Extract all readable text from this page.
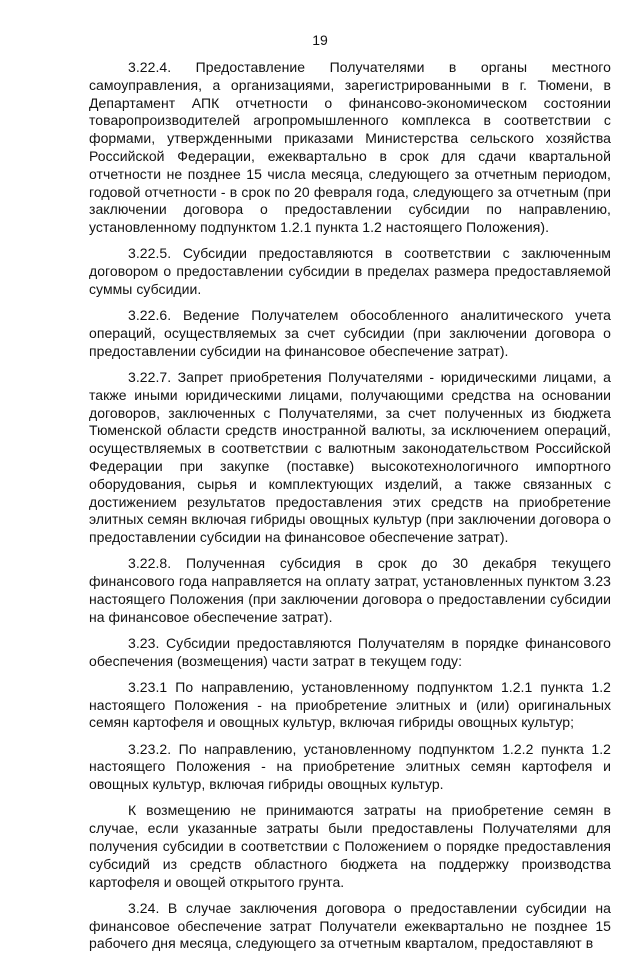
19

3.22.4. Предоставление Получателями в органы местного самоуправления, а организациями, зарегистрированными в г. Тюмени, в Департамент АПК отчетности о финансово-экономическом состоянии товаропроизводителей агропромышленного комплекса в соответствии с формами, утвержденными приказами Министерства сельского хозяйства Российской Федерации, ежеквартально в срок для сдачи квартальной отчетности не позднее 15 числа месяца, следующего за отчетным периодом, годовой отчетности - в срок по 20 февраля года, следующего за отчетным (при заключении договора о предоставлении субсидии по направлению, установленному подпунктом 1.2.1 пункта 1.2 настоящего Положения).

3.22.5. Субсидии предоставляются в соответствии с заключенным договором о предоставлении субсидии в пределах размера предоставляемой суммы субсидии.

3.22.6. Ведение Получателем обособленного аналитического учета операций, осуществляемых за счет субсидии (при заключении договора о предоставлении субсидии на финансовое обеспечение затрат).

3.22.7. Запрет приобретения Получателями - юридическими лицами, а также иными юридическими лицами, получающими средства на основании договоров, заключенных с Получателями, за счет полученных из бюджета Тюменской области средств иностранной валюты, за исключением операций, осуществляемых в соответствии с валютным законодательством Российской Федерации при закупке (поставке) высокотехнологичного импортного оборудования, сырья и комплектующих изделий, а также связанных с достижением результатов предоставления этих средств на приобретение элитных семян включая гибриды овощных культур (при заключении договора о предоставлении субсидии на финансовое обеспечение затрат).

3.22.8. Полученная субсидия в срок до 30 декабря текущего финансового года направляется на оплату затрат, установленных пунктом 3.23 настоящего Положения (при заключении договора о предоставлении субсидии на финансовое обеспечение затрат).

3.23. Субсидии предоставляются Получателям в порядке финансового обеспечения (возмещения) части затрат в текущем году:

3.23.1 По направлению, установленному подпунктом 1.2.1 пункта 1.2 настоящего Положения - на приобретение элитных и (или) оригинальных семян картофеля и овощных культур, включая гибриды овощных культур;

3.23.2. По направлению, установленному подпунктом 1.2.2 пункта 1.2 настоящего Положения - на приобретение элитных семян картофеля и овощных культур, включая гибриды овощных культур.

К возмещению не принимаются затраты на приобретение семян в случае, если указанные затраты были предоставлены Получателями для получения субсидии в соответствии с Положением о порядке предоставления субсидий из средств областного бюджета на поддержку производства картофеля и овощей открытого грунта.

3.24. В случае заключения договора о предоставлении субсидии на финансовое обеспечение затрат Получатели ежеквартально не позднее 15 рабочего дня месяца, следующего за отчетным кварталом, предоставляют в
